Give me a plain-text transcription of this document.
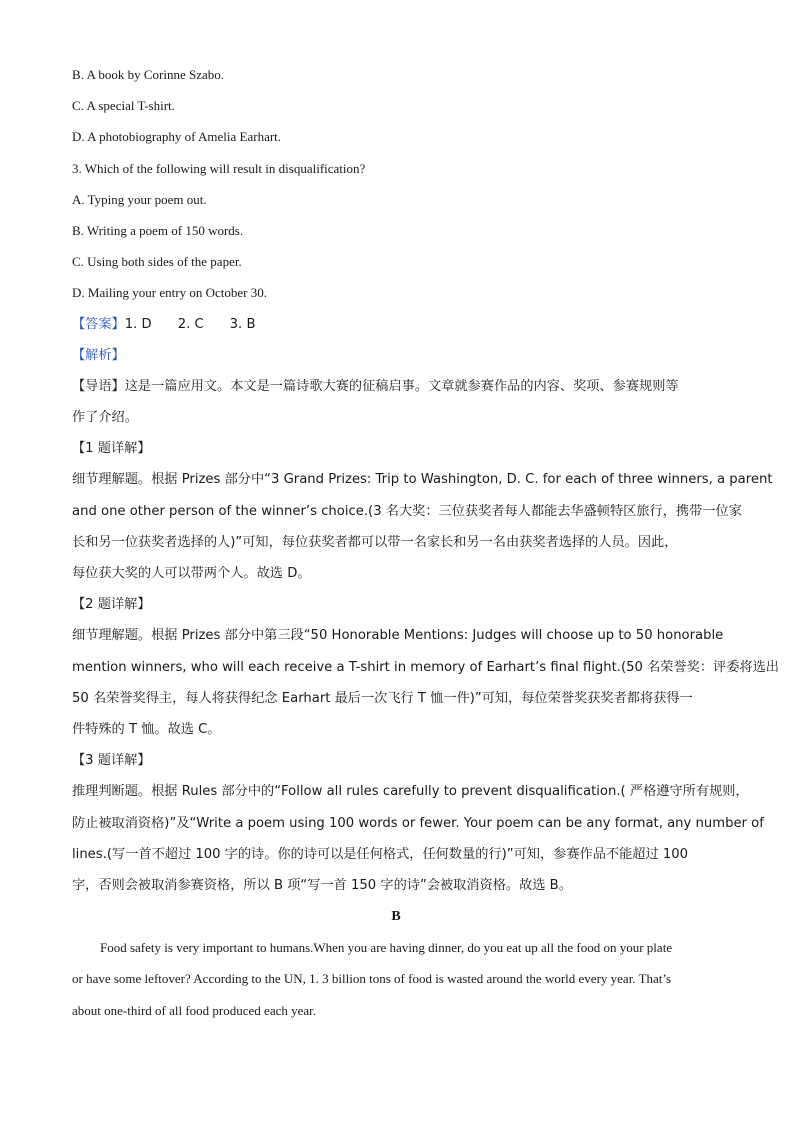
B. A book by Corinne Szabo.
C. A special T-shirt.
D. A photobiography of Amelia Earhart.
3. Which of the following will result in disqualification?
A. Typing your poem out.
B. Writing a poem of 150 words.
C. Using both sides of the paper.
D. Mailing your entry on October 30.
【答案】1. D 2. C 3. B
【解析】
【导语】这是一篇应用文。本文是一篇诗歌大赛的征稿启事。文章就参赛作品的内容、奖项、参赛规则等
作了介绍。
【1 题详解】
细节理解题。根据 Prizes 部分中“3 Grand Prizes: Trip to Washington, D. C. for each of three winners, a parent
and one other person of the winner’s choice.(3 名大奖：三位获奖者每人都能去华盛顿特区旅行，携带一位家
长和另一位获奖者选择的人)”可知，每位获奖者都可以带一名家长和另一名由获奖者选择的人员。因此，
每位获大奖的人可以带两个人。故选 D。
【2 题详解】
细节理解题。根据 Prizes 部分中第三段“50 Honorable Mentions: Judges will choose up to 50 honorable
mention winners, who will each receive a T-shirt in memory of Earhart’s final flight.(50 名荣誉奖：评委将选出
50 名荣誉奖得主，每人将获得纪念 Earhart 最后一次飞行 T 恤一件)”可知，每位荣誉奖获奖者都将获得一
件特殊的 T 恤。故选 C。
【3 题详解】
推理判断题。根据 Rules 部分中的“Follow all rules carefully to prevent disqualification.( 严格遵守所有规则，
防止被取消资格)”及“Write a poem using 100 words or fewer. Your poem can be any format, any number of
lines.(写一首不超过 100 字的诗。你的诗可以是任何格式，任何数量的行)”可知，参赛作品不能超过 100
字，否则会被取消参赛资格，所以 B 项“写一首 150 字的诗”会被取消资格。故选 B。
B
Food safety is very important to humans.When you are having dinner, do you eat up all the food on your plate
or have some leftover? According to the UN, 1. 3 billion tons of food is wasted around the world every year. That’s
about one-third of all food produced each year.
